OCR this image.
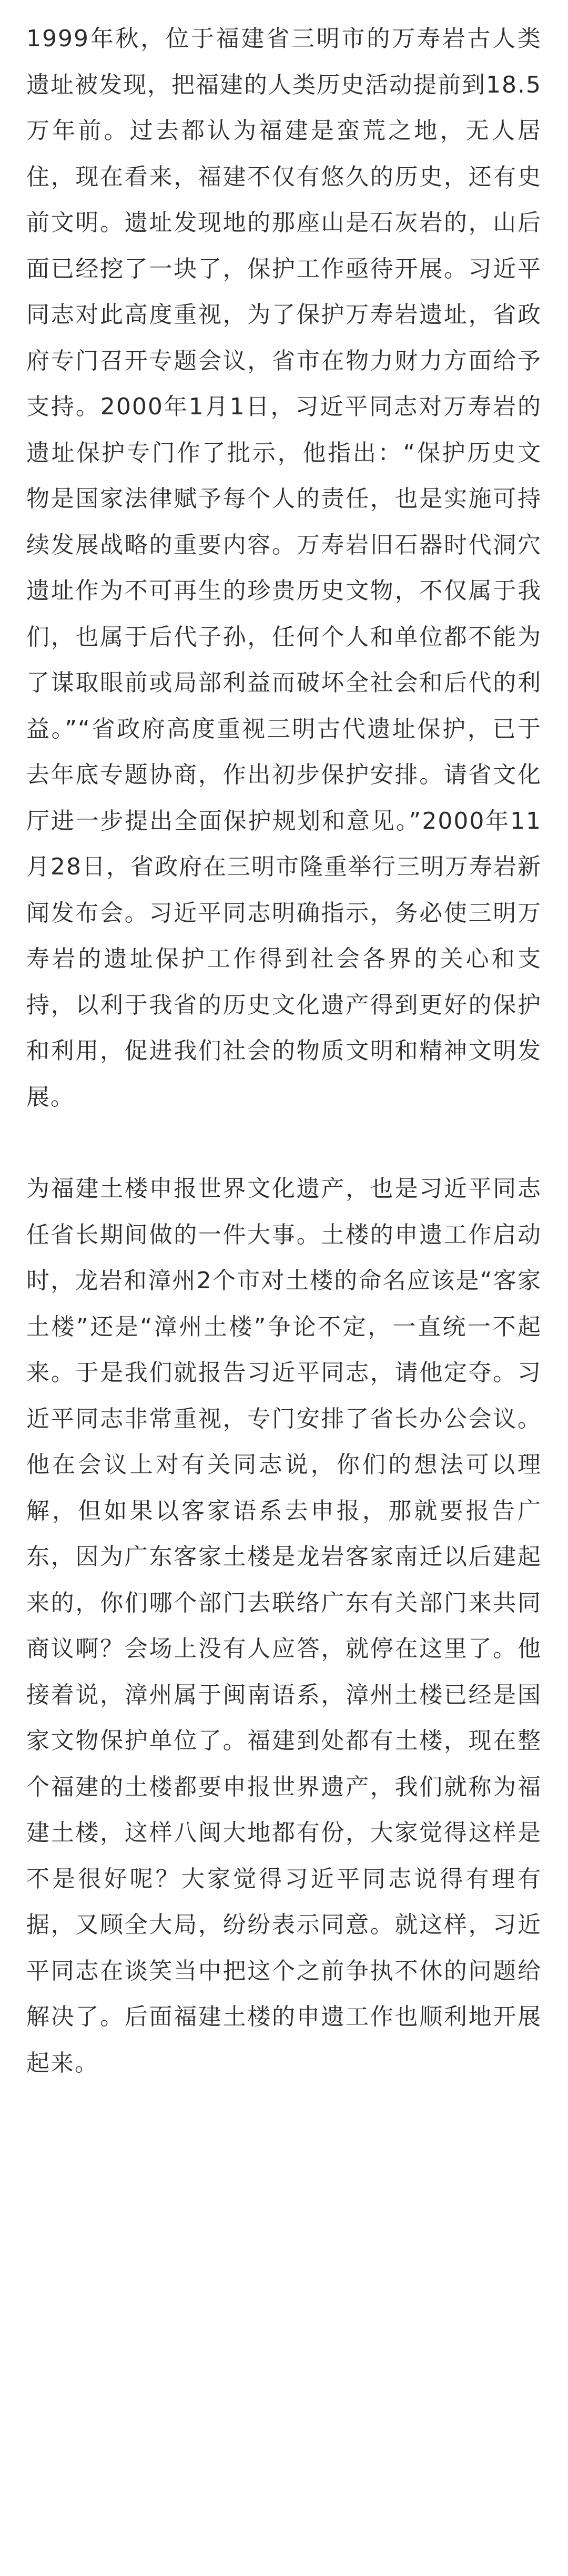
1999年秋，位于福建省三明市的万寿岩古人类遗址被发现，把福建的人类历史活动提前到18.5万年前。过去都认为福建是蛮荒之地，无人居住，现在看来，福建不仅有悠久的历史，还有史前文明。遗址发现地的那座山是石灰岩的，山后面已经挖了一块了，保护工作亟待开展。习近平同志对此高度重视，为了保护万寿岩遗址，省政府专门召开专题会议，省市在物力财力方面给予支持。2000年1月1日，习近平同志对万寿岩的遗址保护专门作了批示，他指出：“保护历史文物是国家法律赋予每个人的责任，也是实施可持续发展战略的重要内容。万寿岩旧石器时代洞穴遗址作为不可再生的珍贵历史文物，不仅属于我们，也属于后代子孙，任何个人和单位都不能为了谋取眼前或局部利益而破坏全社会和后代的利益。”“省政府高度重视三明古代遗址保护，已于去年底专题协商，作出初步保护安排。请省文化厅进一步提出全面保护规划和意见。”2000年11月28日，省政府在三明市隆重举行三明万寿岩新闻发布会。习近平同志明确指示，务必使三明万寿岩的遗址保护工作得到社会各界的关心和支持，以利于我省的历史文化遗产得到更好的保护和利用，促进我们社会的物质文明和精神文明发展。

为福建土楼申报世界文化遗产，也是习近平同志任省长期间做的一件大事。土楼的申遗工作启动时，龙岩和漳州2个市对土楼的命名应该是“客家土楼”还是“漳州土楼”争论不定，一直统一不起来。于是我们就报告习近平同志，请他定夺。习近平同志非常重视，专门安排了省长办公会议。他在会议上对有关同志说，你们的想法可以理解，但如果以客家语系去申报，那就要报告广东，因为广东客家土楼是龙岩客家南迁以后建起来的，你们哪个部门去联络广东有关部门来共同商议啊？会场上没有人应答，就停在这里了。他接着说，漳州属于闽南语系，漳州土楼已经是国家文物保护单位了。福建到处都有土楼，现在整个福建的土楼都要申报世界遗产，我们就称为福建土楼，这样八闽大地都有份，大家觉得这样是不是很好呢？大家觉得习近平同志说得有理有据，又顾全大局，纷纷表示同意。就这样，习近平同志在谈笑当中把这个之前争执不休的问题给解决了。后面福建土楼的申遗工作也顺利地开展起来。
